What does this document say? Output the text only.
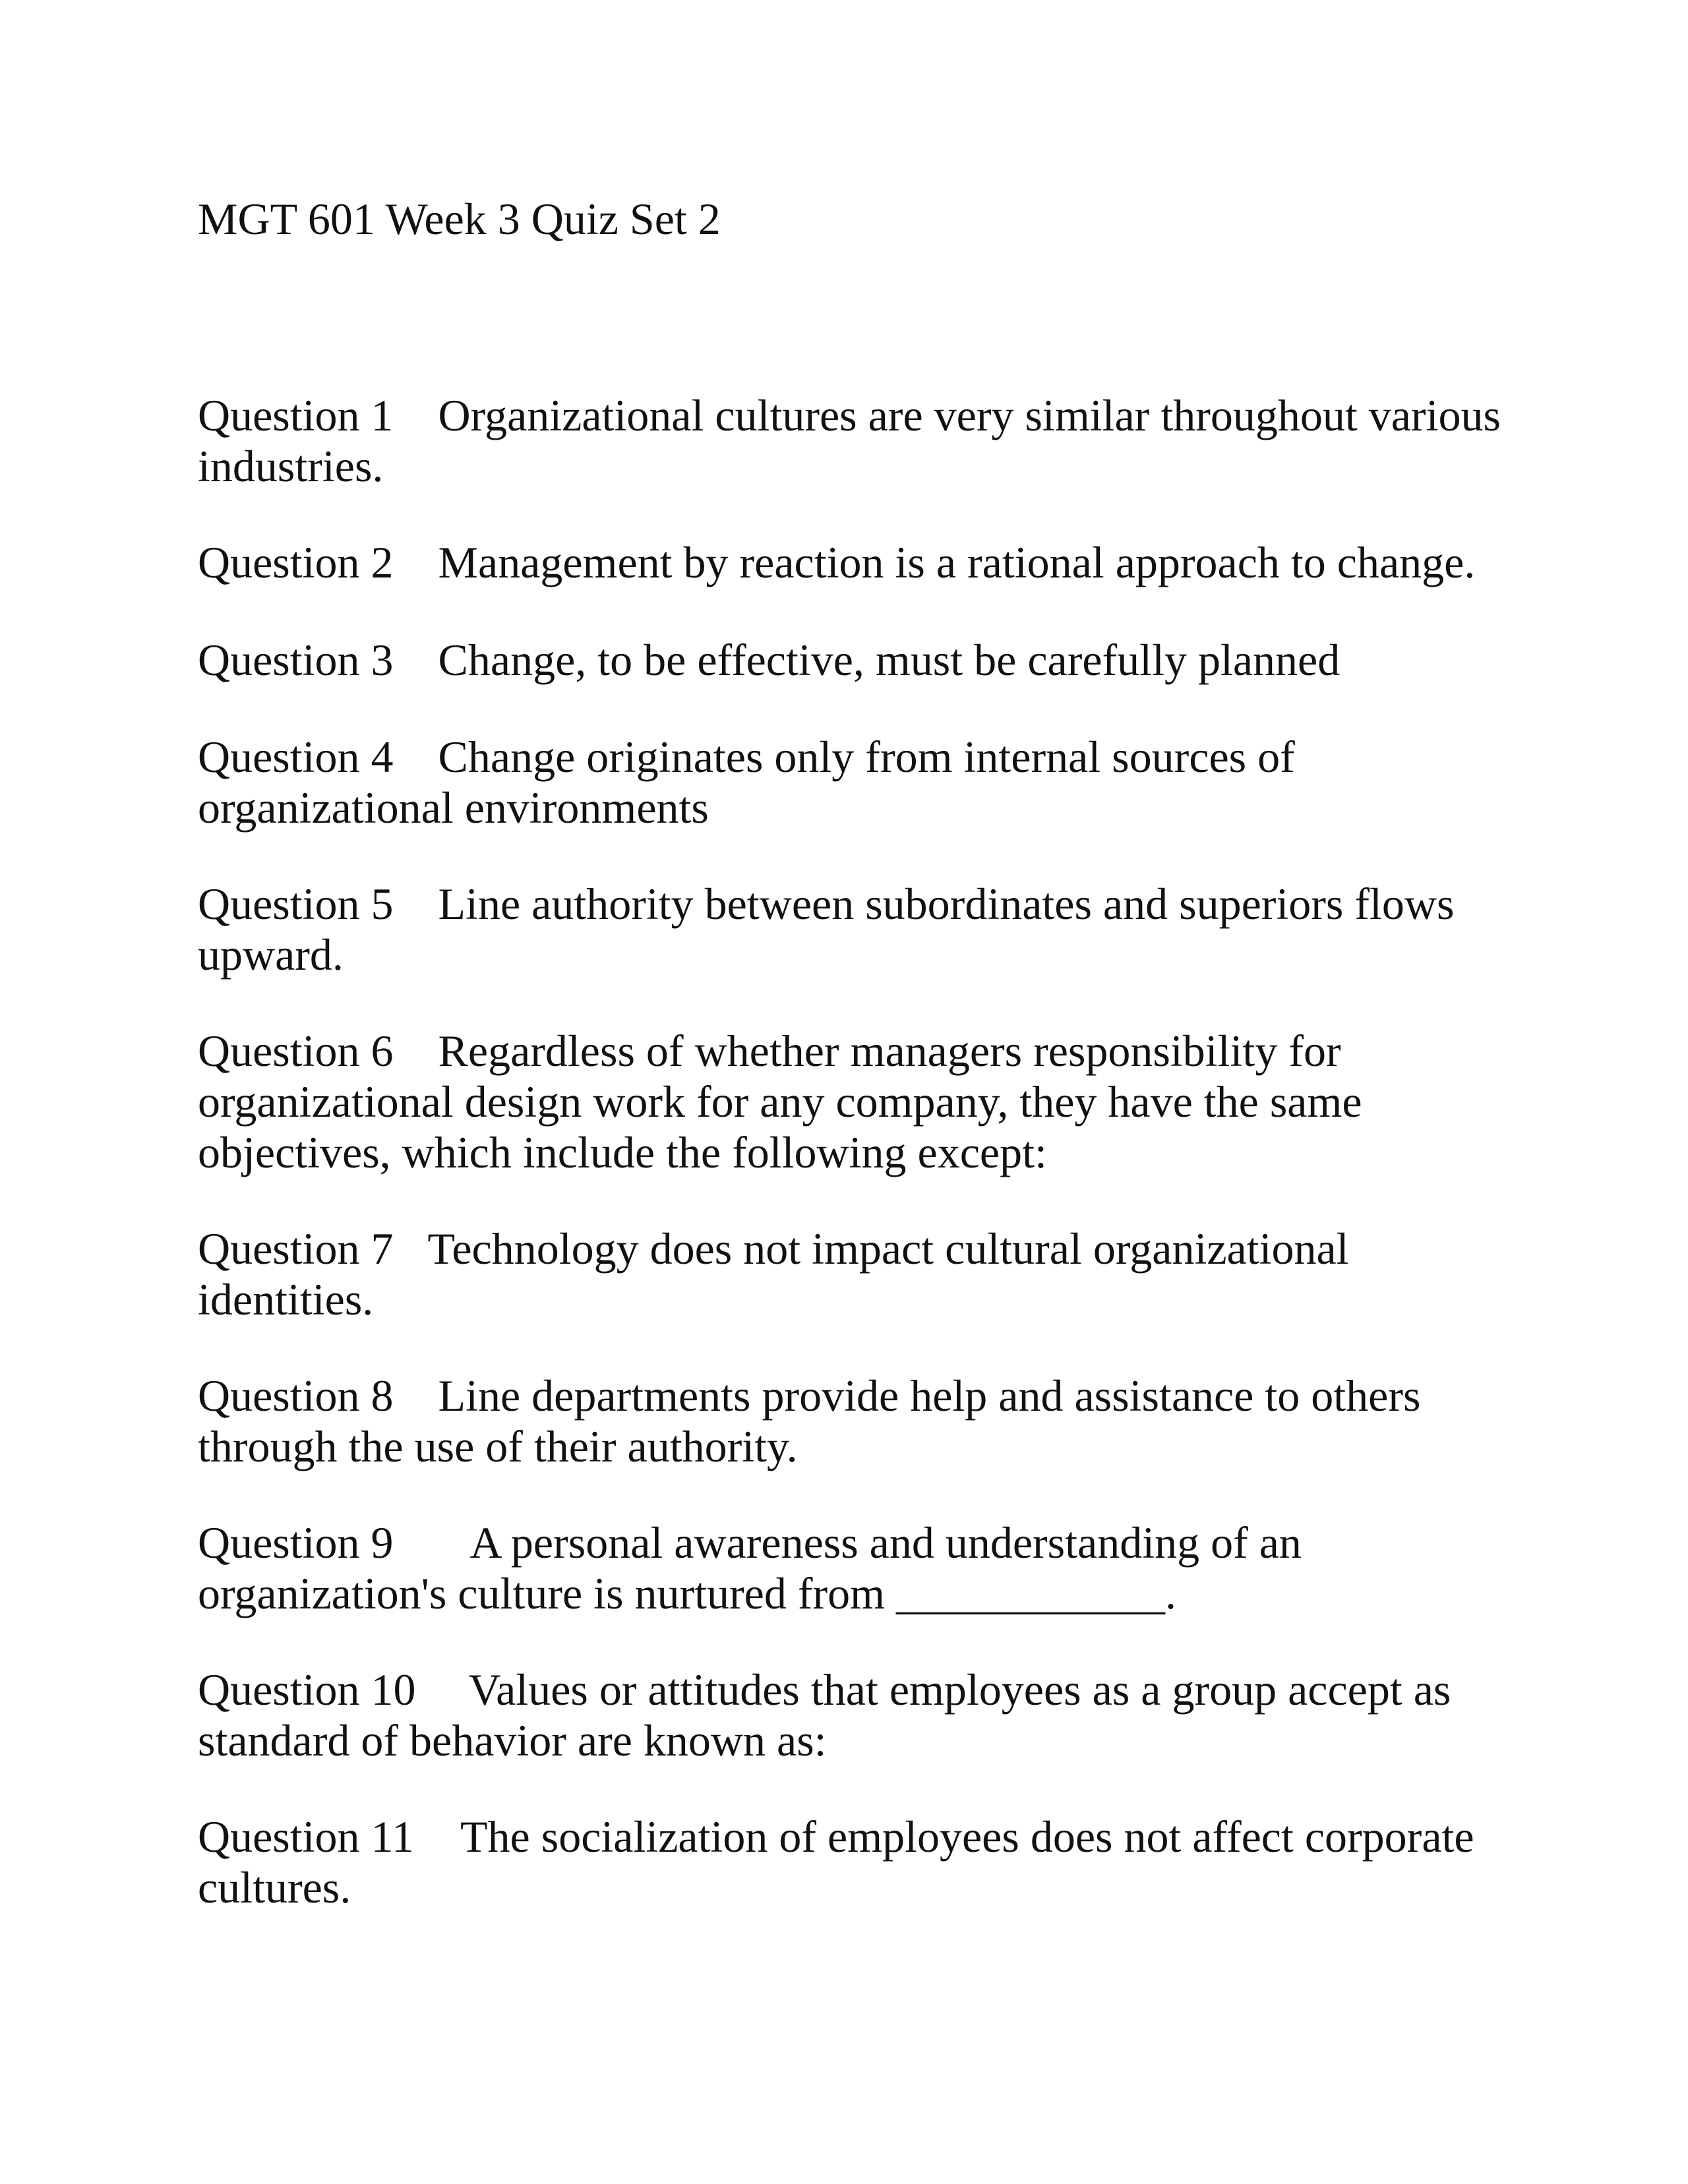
MGT 601 Week 3 Quiz Set 2

Question 1 Organizational cultures are very similar throughout various industries.

Question 2 Management by reaction is a rational approach to change.

Question 3 Change, to be effective, must be carefully planned

Question 4 Change originates only from internal sources of organizational environments

Question 5 Line authority between subordinates and superiors flows upward.

Question 6 Regardless of whether managers responsibility for organizational design work for any company, they have the same objectives, which include the following except:

Question 7 Technology does not impact cultural organizational identities.

Question 8 Line departments provide help and assistance to others through the use of their authority.

Question 9 A personal awareness and understanding of an organization's culture is nurtured from ____________.

Question 10 Values or attitudes that employees as a group accept as standard of behavior are known as:

Question 11 The socialization of employees does not affect corporate cultures.
